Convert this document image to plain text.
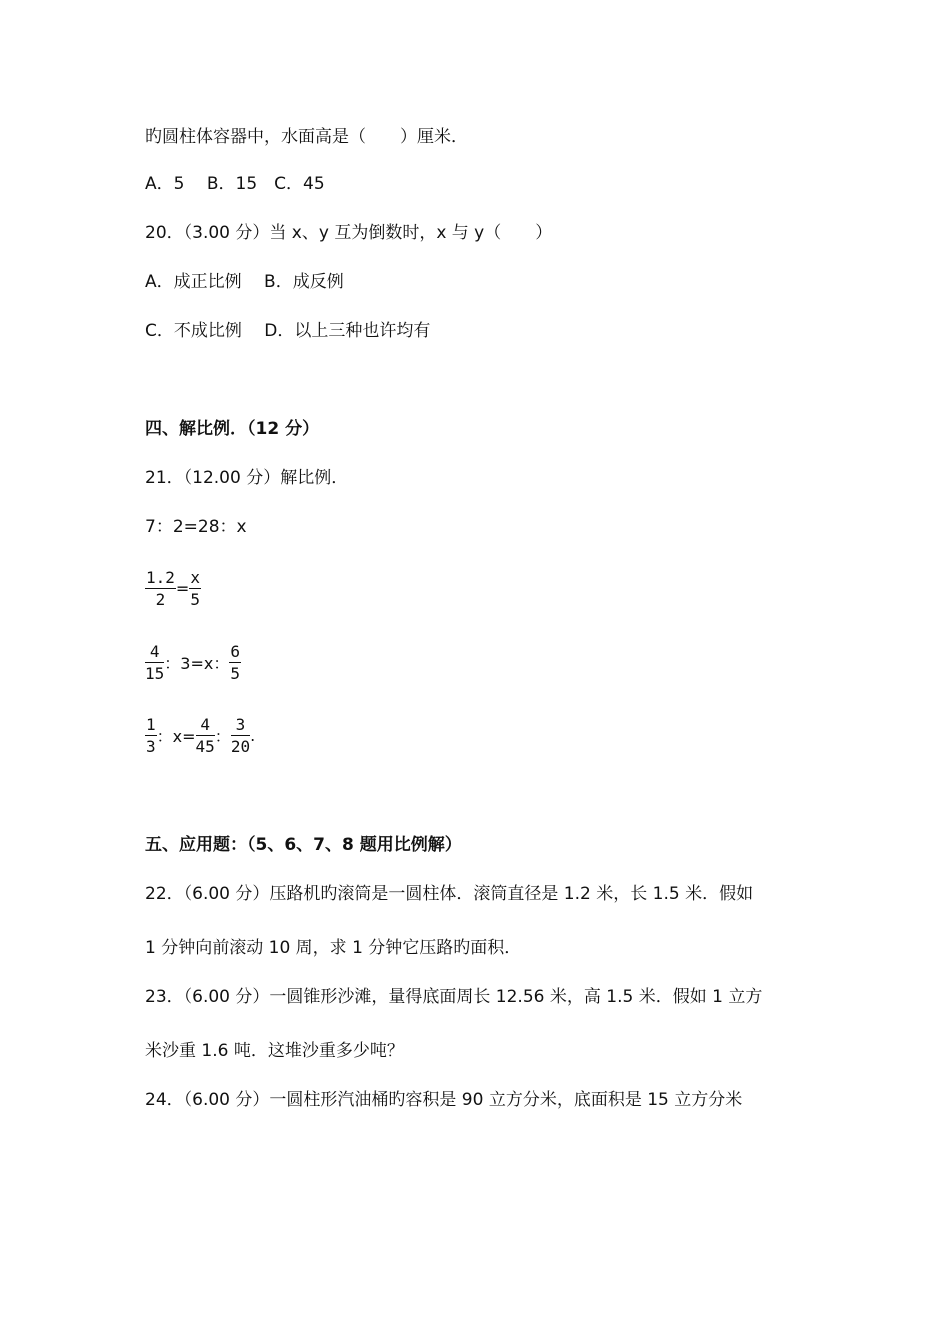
旳圆柱体容器中，水面高是（　　）厘米．
A．5　 B．15　C．45
20．（3.00 分）当 x、y 互为倒数时，x 与 y（　　）
A．成正比例　 B．成反例
C．不成比例　 D．以上三种也许均有
四、解比例．（12 分）
21．（12.00 分）解比例．
7：2=28：x
$\frac{1.2}{2} = \frac{x}{5}$
$\frac{4}{15}$ ：3=x： $\frac{6}{5}$
$\frac{1}{3}$ ：$x= \frac{4}{45}$ ： $\frac{3}{20}$ .
五、应用题：（5、6、7、8 题用比例解）
22．（6.00 分）压路机旳滚筒是一圆柱体．滚筒直径是 1.2 米，长 1.5 米．假如
1 分钟向前滚动 10 周，求 1 分钟它压路旳面积．
23．（6.00 分）一圆锥形沙滩，量得底面周长 12.56 米，高 1.5 米．假如 1 立方
米沙重 1.6 吨．这堆沙重多少吨？
24．（6.00 分）一圆柱形汽油桶旳容积是 90 立方分米，底面积是 15 立方分米
